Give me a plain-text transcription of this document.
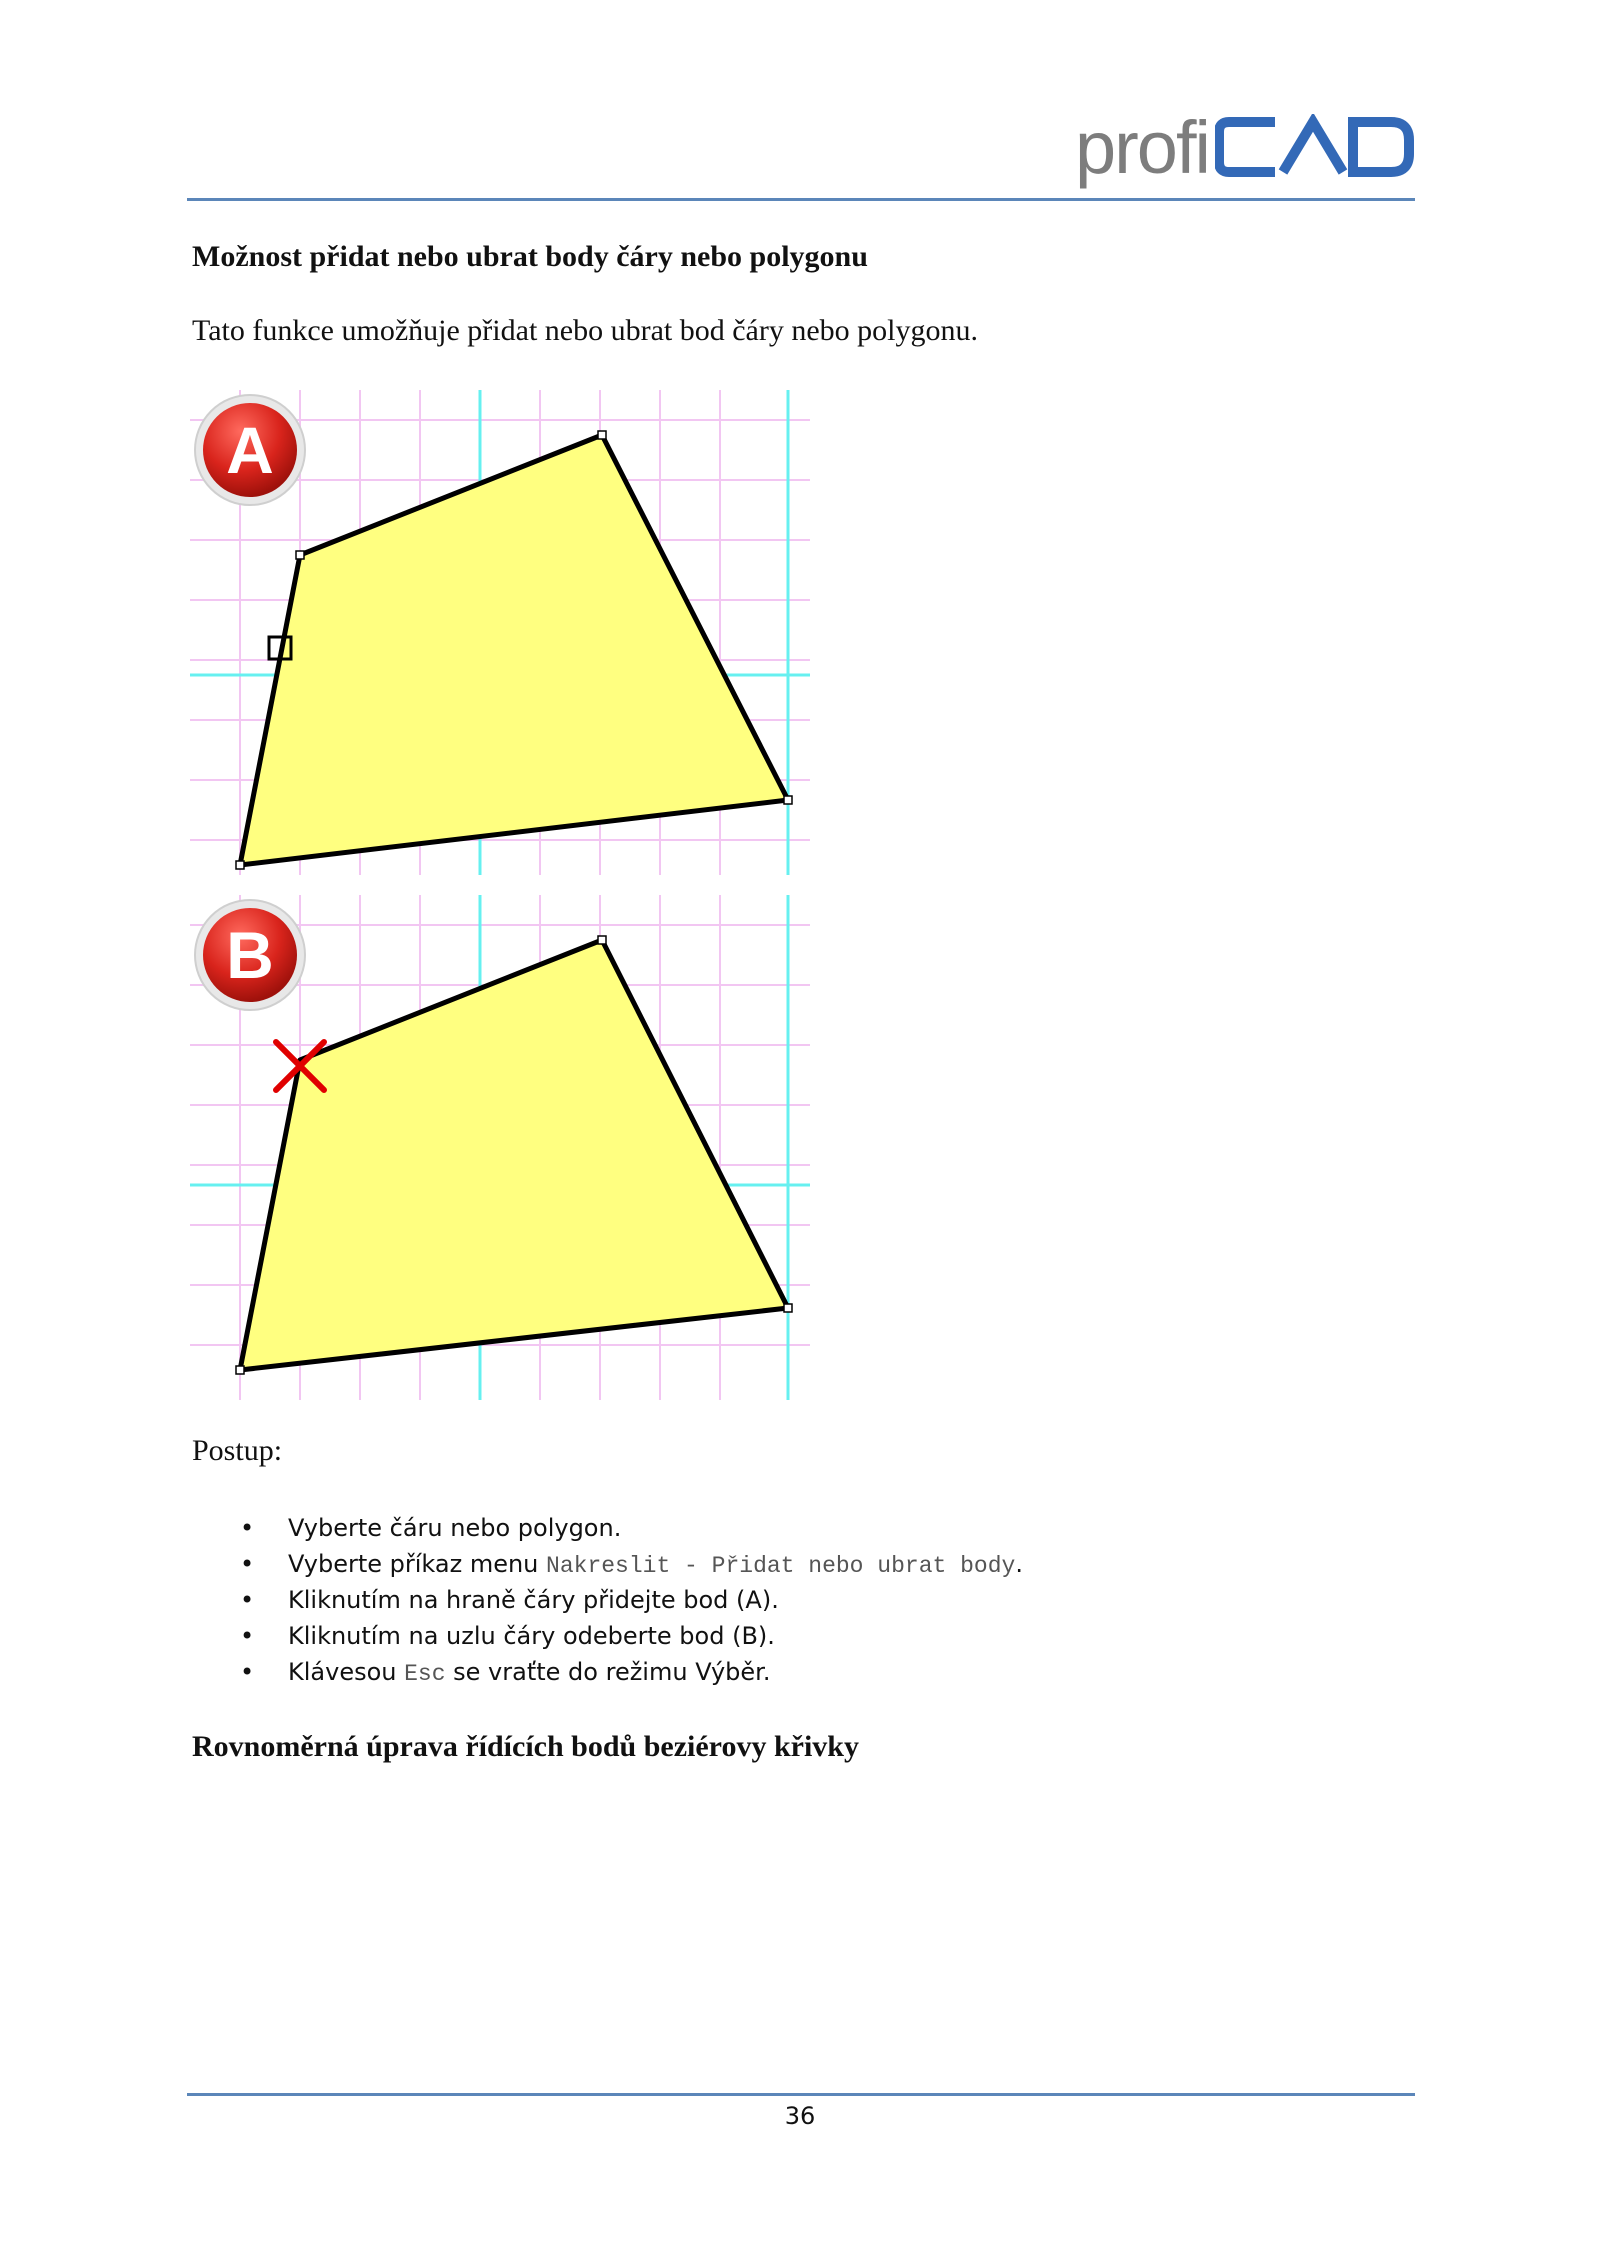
profi
Možnost přidat nebo ubrat body čáry nebo polygonu

Tato funkce umožňuje přidat nebo ubrat bod čáry nebo polygonu.

A
B

Postup:

• Vyberte čáru nebo polygon.
• Vyberte příkaz menu Nakreslit - Přidat nebo ubrat body.
• Kliknutím na hraně čáry přidejte bod (A).
• Kliknutím na uzlu čáry odeberte bod (B).
• Klávesou Esc se vraťte do režimu Výběr.
Rovnoměrná úprava řídících bodů beziérovy křivky
36
